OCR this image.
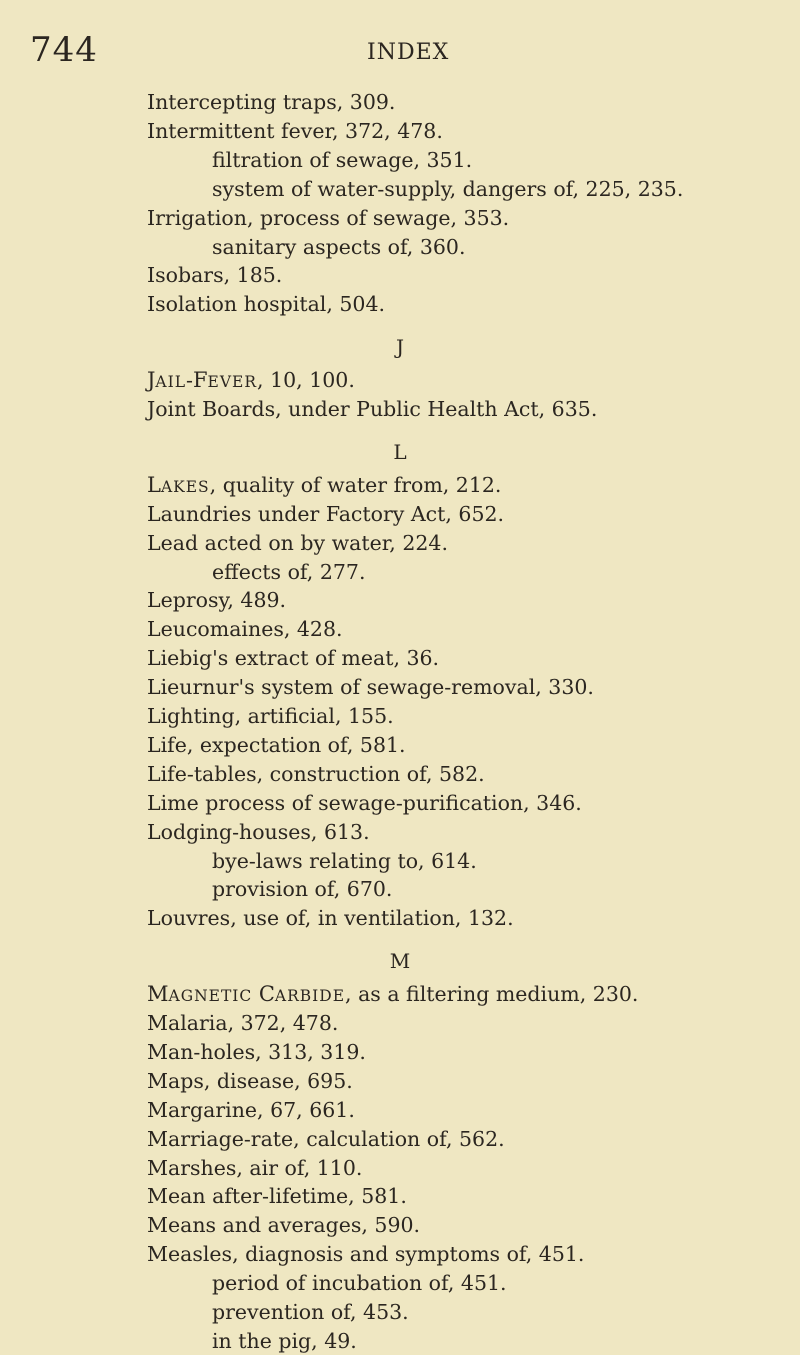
744	INDEX
Intercepting traps, 309.
Intermittent fever, 372, 478.
filtration of sewage, 351.
system of water-supply, dangers of, 225, 235.
Irrigation, process of sewage, 353.
sanitary aspects of, 360.
Isobars, 185.
Isolation hospital, 504.
J
JAIL-FEVER, 10, 100.
Joint Boards, under Public Health Act, 635.
L
LAKES, quality of water from, 212.
Laundries under Factory Act, 652.
Lead acted on by water, 224.
effects of, 277.
Leprosy, 489.
Leucomaines, 428.
Liebig's extract of meat, 36.
Lieurnur's system of sewage-removal, 330.
Lighting, artificial, 155.
Life, expectation of, 581.
Life-tables, construction of, 582.
Lime process of sewage-purification, 346.
Lodging-houses, 613.
bye-laws relating to, 614.
provision of, 670.
Louvres, use of, in ventilation, 132.
M
MAGNETIC CARBIDE, as a filtering medium, 230.
Malaria, 372, 478.
Man-holes, 313, 319.
Maps, disease, 695.
Margarine, 67, 661.
Marriage-rate, calculation of, 562.
Marshes, air of, 110.
Mean after-lifetime, 581.
Means and averages, 590.
Measles, diagnosis and symptoms of, 451.
period of incubation of, 451.
prevention of, 453.
in the pig, 49.
